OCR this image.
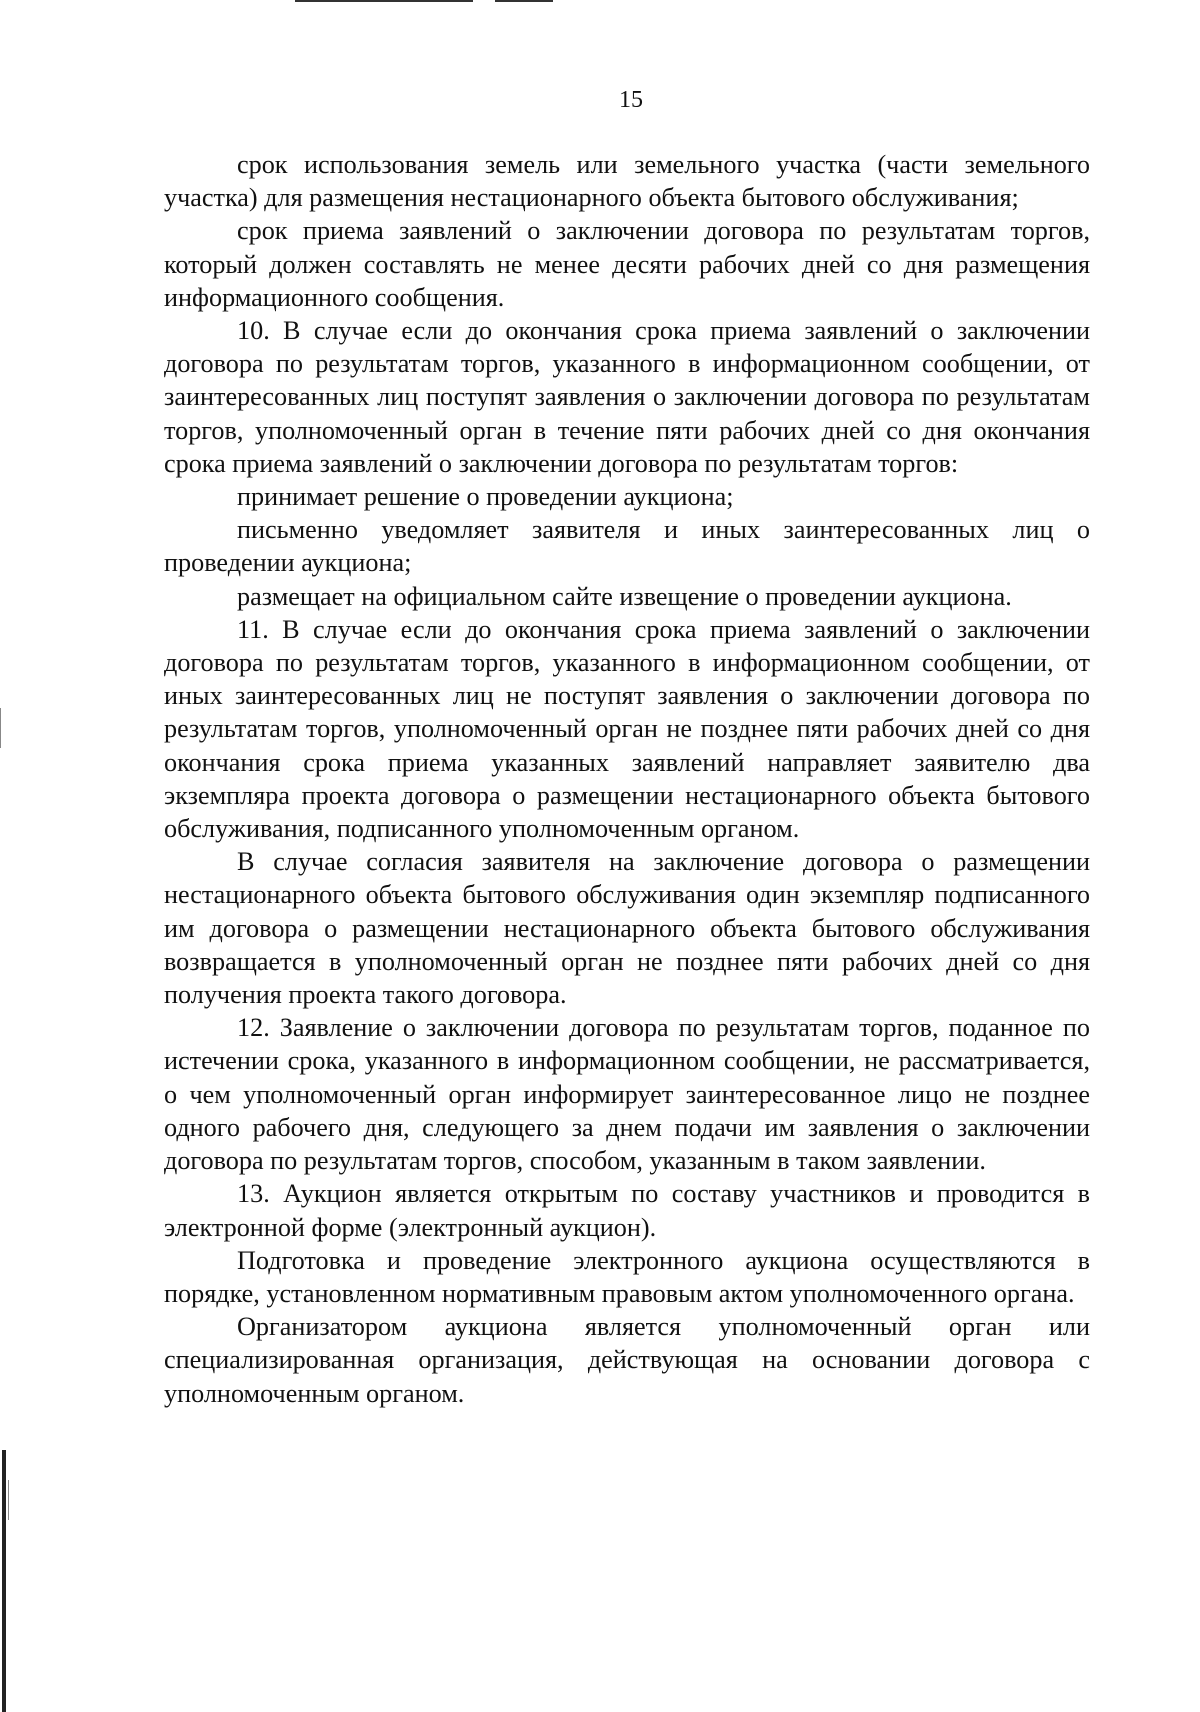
15

срок использования земель или земельного участка (части земельного участка) для размещения нестационарного объекта бытового обслуживания;

срок приема заявлений о заключении договора по результатам торгов, который должен составлять не менее десяти рабочих дней со дня размещения информационного сообщения.

10. В случае если до окончания срока приема заявлений о заключении договора по результатам торгов, указанного в информационном сообщении, от заинтересованных лиц поступят заявления о заключении договора по результатам торгов, уполномоченный орган в течение пяти рабочих дней со дня окончания срока приема заявлений о заключении договора по результатам торгов:

принимает решение о проведении аукциона;

письменно уведомляет заявителя и иных заинтересованных лиц о проведении аукциона;

размещает на официальном сайте извещение о проведении аукциона.

11. В случае если до окончания срока приема заявлений о заключении договора по результатам торгов, указанного в информационном сообщении, от иных заинтересованных лиц не поступят заявления о заключении договора по результатам торгов, уполномоченный орган не позднее пяти рабочих дней со дня окончания срока приема указанных заявлений направляет заявителю два экземпляра проекта договора о размещении нестационарного объекта бытового обслуживания, подписанного уполномоченным органом.

В случае согласия заявителя на заключение договора о размещении нестационарного объекта бытового обслуживания один экземпляр подписанного им договора о размещении нестационарного объекта бытового обслуживания возвращается в уполномоченный орган не позднее пяти рабочих дней со дня получения проекта такого договора.

12. Заявление о заключении договора по результатам торгов, поданное по истечении срока, указанного в информационном сообщении, не рассматривается, о чем уполномоченный орган информирует заинтересованное лицо не позднее одного рабочего дня, следующего за днем подачи им заявления о заключении договора по результатам торгов, способом, указанным в таком заявлении.

13. Аукцион является открытым по составу участников и проводится в электронной форме (электронный аукцион).

Подготовка и проведение электронного аукциона осуществляются в порядке, установленном нормативным правовым актом уполномоченного органа.

Организатором аукциона является уполномоченный орган или специализированная организация, действующая на основании договора с уполномоченным органом.
